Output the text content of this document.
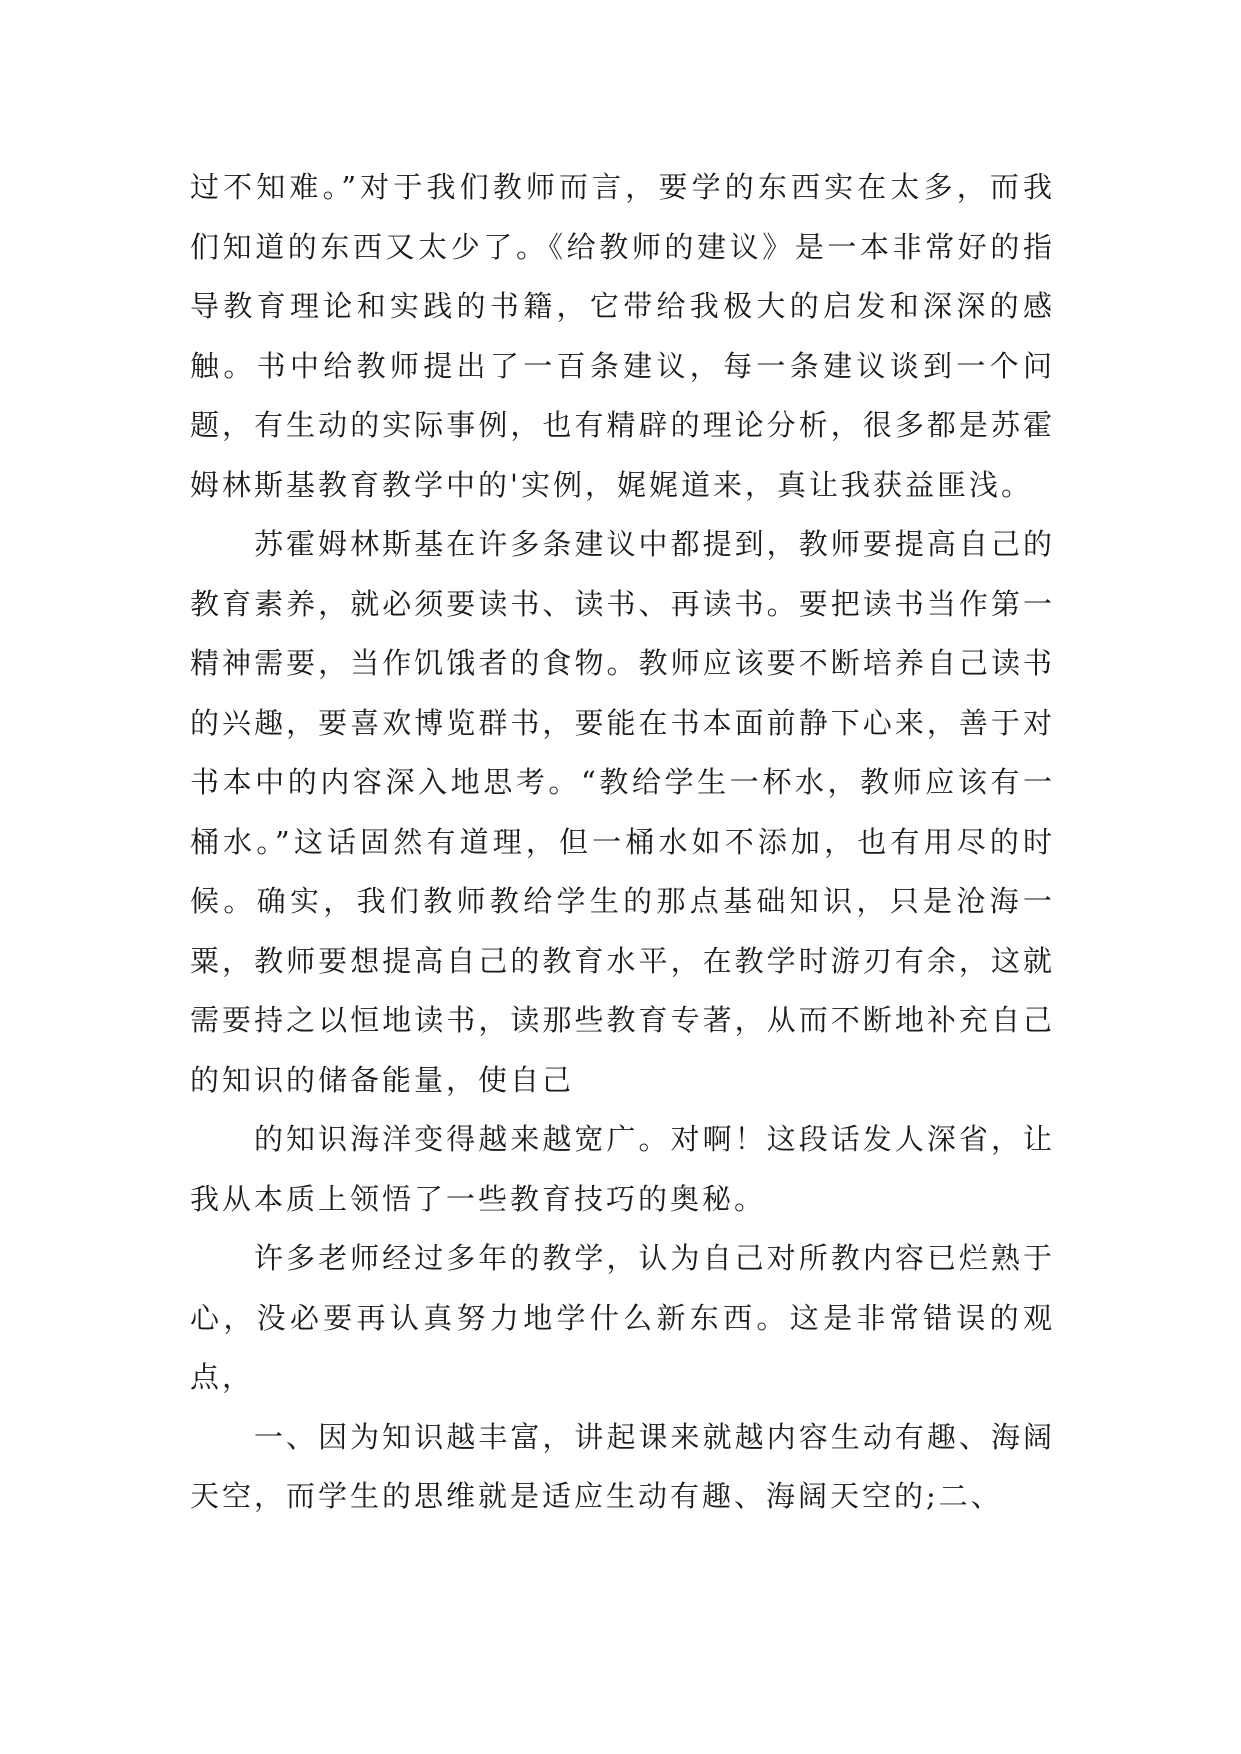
过不知难。”对于我们教师而言，要学的东西实在太多，而我们知道的东西又太少了。《给教师的建议》是一本非常好的指导教育理论和实践的书籍，它带给我极大的启发和深深的感触。书中给教师提出了一百条建议，每一条建议谈到一个问题，有生动的实际事例，也有精辟的理论分析，很多都是苏霍姆林斯基教育教学中的'实例，娓娓道来，真让我获益匪浅。

苏霍姆林斯基在许多条建议中都提到，教师要提高自己的教育素养，就必须要读书、读书、再读书。要把读书当作第一精神需要，当作饥饿者的食物。教师应该要不断培养自己读书的兴趣，要喜欢博览群书，要能在书本面前静下心来，善于对书本中的内容深入地思考。“教给学生一杯水，教师应该有一桶水。”这话固然有道理，但一桶水如不添加，也有用尽的时候。确实，我们教师教给学生的那点基础知识，只是沧海一粟，教师要想提高自己的教育水平，在教学时游刃有余，这就需要持之以恒地读书，读那些教育专著，从而不断地补充自己的知识的储备能量，使自己

的知识海洋变得越来越宽广。对啊！这段话发人深省，让我从本质上领悟了一些教育技巧的奥秘。

许多老师经过多年的教学，认为自己对所教内容已烂熟于心，没必要再认真努力地学什么新东西。这是非常错误的观点，

一、因为知识越丰富，讲起课来就越内容生动有趣、海阔天空，而学生的思维就是适应生动有趣、海阔天空的;二、
